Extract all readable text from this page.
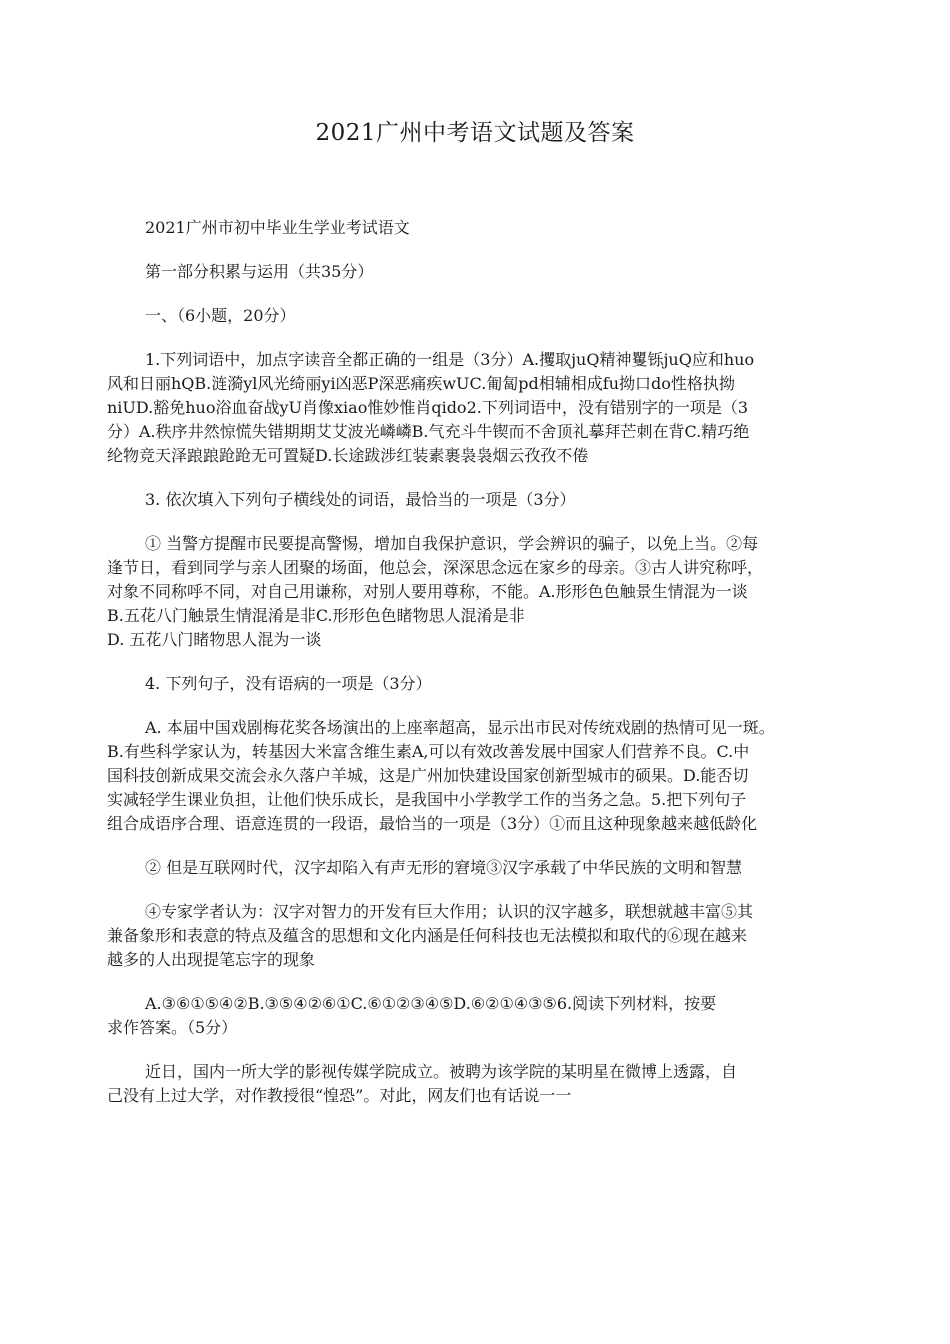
2021广州中考语文试题及答案
2021广州市初中毕业生学业考试语文
第一部分积累与运用（共35分）
一、（6小题，20分）
1.下列词语中，加点字读音全都正确的一组是（3分）A.攫取juQ精神矍铄juQ应和huo
风和日丽hQB.涟漪yl风光绮丽yi凶恶P深恶痛疾wUC.匍匐pd相辅相成fu拗口do性格执拗
niUD.豁免huo浴血奋战yU肖像xiao惟妙惟肖qido2.下列词语中，没有错别字的一项是（3
分）A.秩序井然惊慌失错期期艾艾波光嶙嶙B.气充斗牛锲而不舍顶礼摹拜芒刺在背C.精巧绝
纶物竞天泽踉踉跄跄无可置疑D.长途跋涉红装素裹袅袅烟云孜孜不倦
3. 依次填入下列句子横线处的词语，最恰当的一项是（3分）
① 当警方提醒市民要提高警惕，增加自我保护意识，学会辨识的骗子，以免上当。②每
逢节日，看到同学与亲人团聚的场面，他总会，深深思念远在家乡的母亲。③古人讲究称呼，
对象不同称呼不同，对自己用谦称，对别人要用尊称，不能。A.形形色色触景生情混为一谈
B.五花八门触景生情混淆是非C.形形色色睹物思人混淆是非
D. 五花八门睹物思人混为一谈
4. 下列句子，没有语病的一项是（3分）
A. 本届中国戏剧梅花奖各场演出的上座率超高，显示出市民对传统戏剧的热情可见一斑。
B.有些科学家认为，转基因大米富含维生素A,可以有效改善发展中国家人们营养不良。C.中
国科技创新成果交流会永久落户羊城，这是广州加快建设国家创新型城市的硕果。D.能否切
实减轻学生课业负担，让他们快乐成长，是我国中小学教学工作的当务之急。5.把下列句子
组合成语序合理、语意连贯的一段语，最恰当的一项是（3分）①而且这种现象越来越低龄化
② 但是互联网时代，汉字却陷入有声无形的窘境③汉字承载了中华民族的文明和智慧
④专家学者认为：汉字对智力的开发有巨大作用；认识的汉字越多，联想就越丰富⑤其
兼备象形和表意的特点及蕴含的思想和文化内涵是任何科技也无法模拟和取代的⑥现在越来
越多的人出现提笔忘字的现象
A.③⑥①⑤④②B.③⑤④②⑥①C.⑥①②③④⑤D.⑥②①④③⑤6.阅读下列材料，按要
求作答案。（5分）
近日，国内一所大学的影视传媒学院成立。被聘为该学院的某明星在微博上透露，自
己没有上过大学，对作教授很“惶恐”。对此，网友们也有话说一一
